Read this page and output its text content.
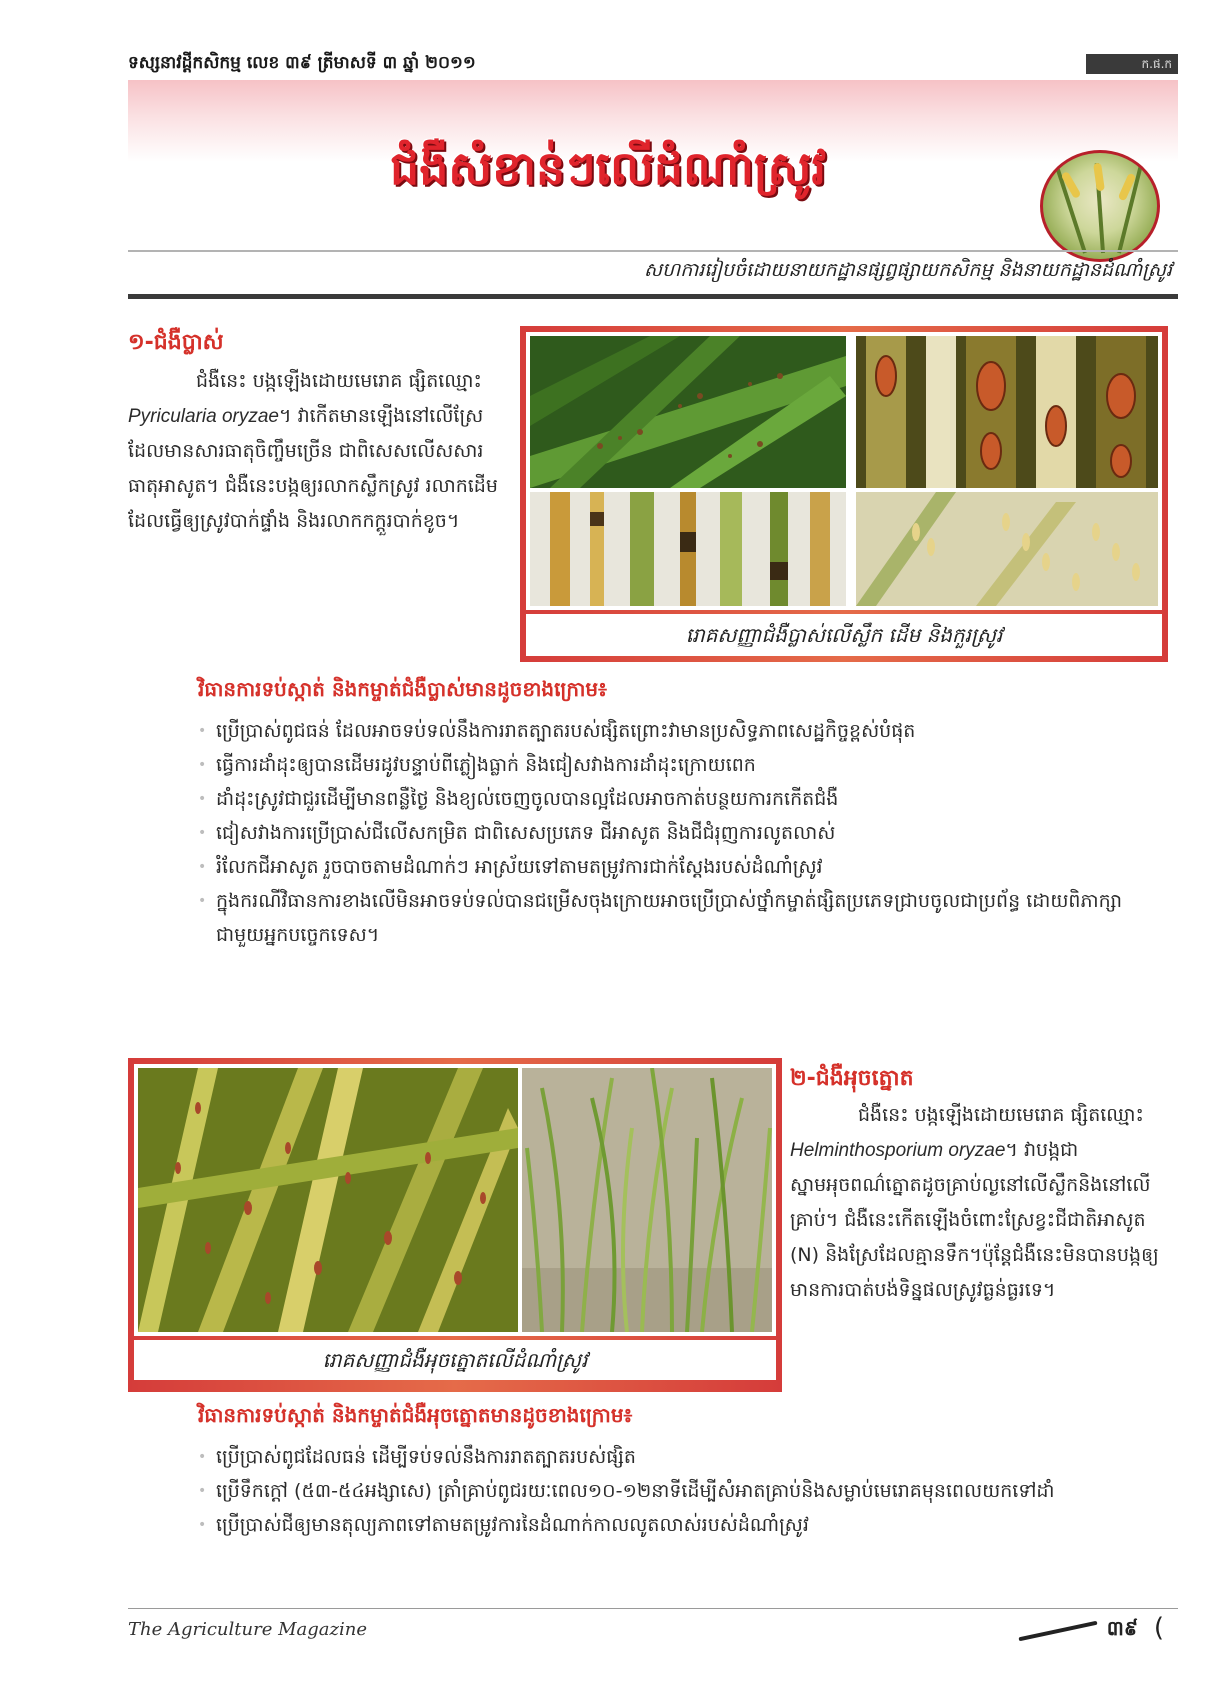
ទស្សនាវដ្តីកសិកម្ម លេខ ៣៩ ត្រីមាសទី ៣ ឆ្នាំ ២០១១	ក.ផ.ក
ជំងឺសំខាន់ៗលើដំណាំស្រូវ
សហការរៀបចំដោយនាយកដ្ឋានផ្សព្វផ្សាយកសិកម្ម និងនាយកដ្ឋានដំណាំស្រូវ
១-ជំងឺប្លាស់
ជំងឺនេះ បង្កឡើងដោយមេរោគ ផ្សិតឈ្មោះ Pyricularia oryzae។ វាកើតមានឡើងនៅលើស្រែដែលមានសារធាតុចិញ្ចឹមច្រើន ជាពិសេសលើសសារធាតុអាសូត។ ជំងឺនេះបង្កឲ្យរលាកស្លឹកស្រូវ រលាកដើមដែលធ្វើឲ្យស្រូវបាក់ផ្ទាំង និងរលាកកក្តួរបាក់ខូច។
រោគសញ្ញាជំងឺប្លាស់លើស្លឹក ដើម និងកួរស្រូវ
វិធានការទប់ស្កាត់ និងកម្ចាត់ជំងឺប្លាស់មានដូចខាងក្រោម៖
• ប្រើប្រាស់ពូជធន់ ដែលអាចទប់ទល់នឹងការរាតត្បាតរបស់ផ្សិតព្រោះវាមានប្រសិទ្ធភាពសេដ្ឋកិច្ចខ្ពស់បំផុត
• ធ្វើការដាំដុះឲ្យបានដើមរដូវបន្ទាប់ពីភ្លៀងធ្លាក់ និងជៀសវាងការដាំដុះក្រោយពេក
• ដាំដុះស្រូវជាជួរដើម្បីមានពន្លឺថ្ងៃ និងខ្យល់ចេញចូលបានល្អដែលអាចកាត់បន្ថយការកកើតជំងឺ
• ជៀសវាងការប្រើប្រាស់ជីលើសកម្រិត ជាពិសេសប្រភេទ ជីអាសូត និងជីជំរុញការលូតលាស់
• រំលែកជីអាសូត រួចបាចតាមដំណាក់ៗ អាស្រ័យទៅតាមតម្រូវការជាក់ស្តែងរបស់ដំណាំស្រូវ
• ក្នុងករណីវិធានការខាងលើមិនអាចទប់ទល់បានជម្រើសចុងក្រោយអាចប្រើប្រាស់ថ្នាំកម្ចាត់ផ្សិតប្រភេទជ្រាបចូលជាប្រព័ន្ធ ដោយពិភាក្សាជាមួយអ្នកបច្ចេកទេស។
រោគសញ្ញាជំងឺអុចត្នោតលើដំណាំស្រូវ
២-ជំងឺអុចត្នោត
ជំងឺនេះ បង្កឡើងដោយមេរោគ ផ្សិតឈ្មោះ Helminthosporium oryzae។ វាបង្កជាស្នាមអុចពណ៌ត្នោតដូចគ្រាប់ល្ងនៅលើស្លឹកនិងនៅលើគ្រាប់។ ជំងឺនេះកើតឡើងចំពោះស្រែខ្វះជីជាតិអាសូត (N) និងស្រែដែលគ្មានទឹក។ប៉ុន្តែជំងឺនេះមិនបានបង្កឲ្យមានការបាត់បង់ទិន្នផលស្រូវធ្ងន់ធ្ងរទេ។
វិធានការទប់ស្កាត់ និងកម្ចាត់ជំងឺអុចត្នោតមានដូចខាងក្រោម៖
• ប្រើប្រាស់ពូជដែលធន់ ដើម្បីទប់ទល់នឹងការរាតត្បាតរបស់ផ្សិត
• ប្រើទឹកក្តៅ (៥៣-៥៤អង្សាសេ) ត្រាំគ្រាប់ពូជរយៈពេល១០-១២នាទីដើម្បីសំអាតគ្រាប់និងសម្លាប់មេរោគមុនពេលយកទៅដាំ
• ប្រើប្រាស់ជីឲ្យមានតុល្យភាពទៅតាមតម្រូវការនៃដំណាក់កាលលូតលាស់របស់ដំណាំស្រូវ
The Agriculture Magazine	៣៩ (
